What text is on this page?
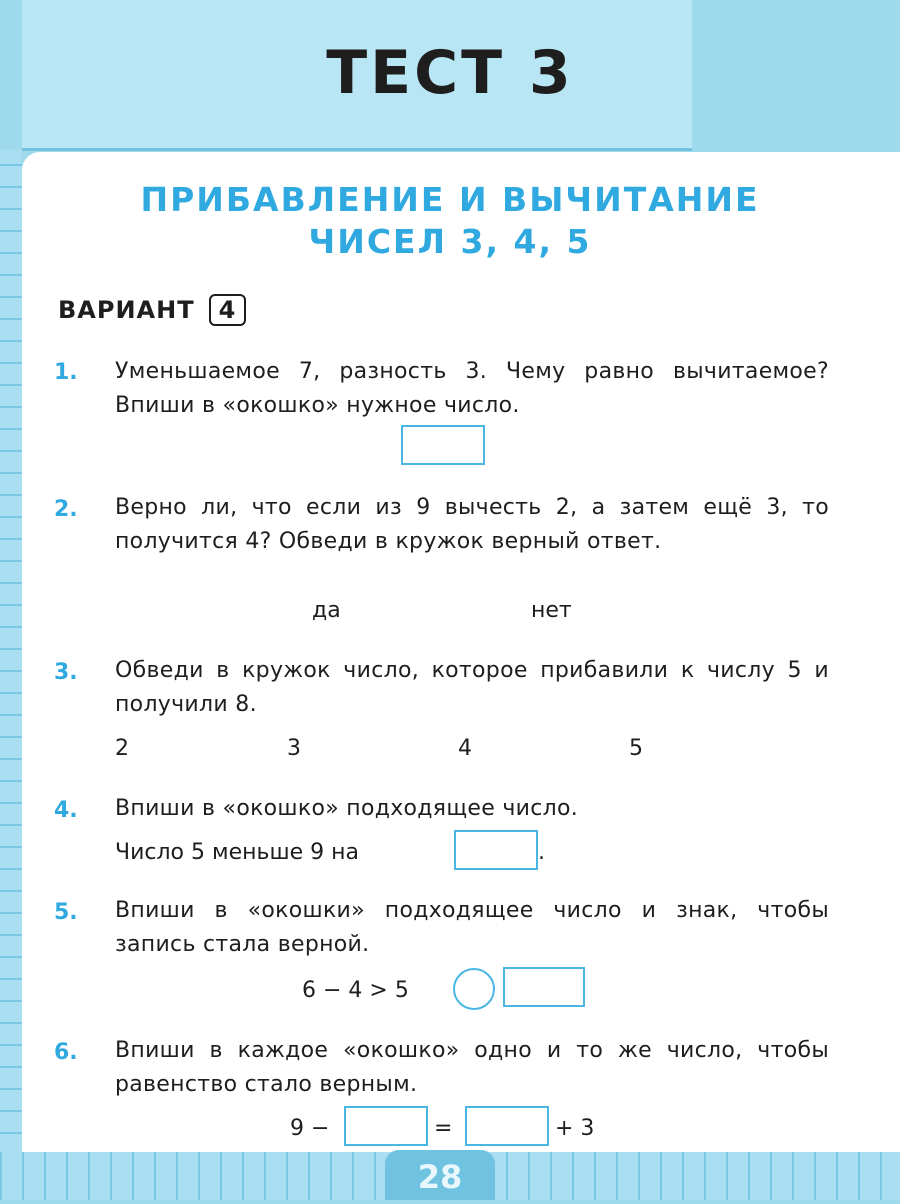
ТЕСТ 3
ПРИБАВЛЕНИЕ И ВЫЧИТАНИЕ
ЧИСЕЛ 3, 4, 5
ВАРИАНТ 4
1. Уменьшаемое 7, разность 3. Чему равно вычитаемое? Впиши в «окошко» нужное число.
2. Верно ли, что если из 9 вычесть 2, а затем ещё 3, то получится 4? Обведи в кружок верный ответ.
да	нет
3. Обведи в кружок число, которое прибавили к числу 5 и получили 8.
2	3	4	5
4. Впиши в «окошко» подходящее число.
Число 5 меньше 9 на	.
5. Впиши в «окошки» подходящее число и знак, чтобы запись стала верной.
6 − 4 > 5
6. Впиши в каждое «окошко» одно и то же число, чтобы равенство стало верным.
9 −	=	+ 3
28
